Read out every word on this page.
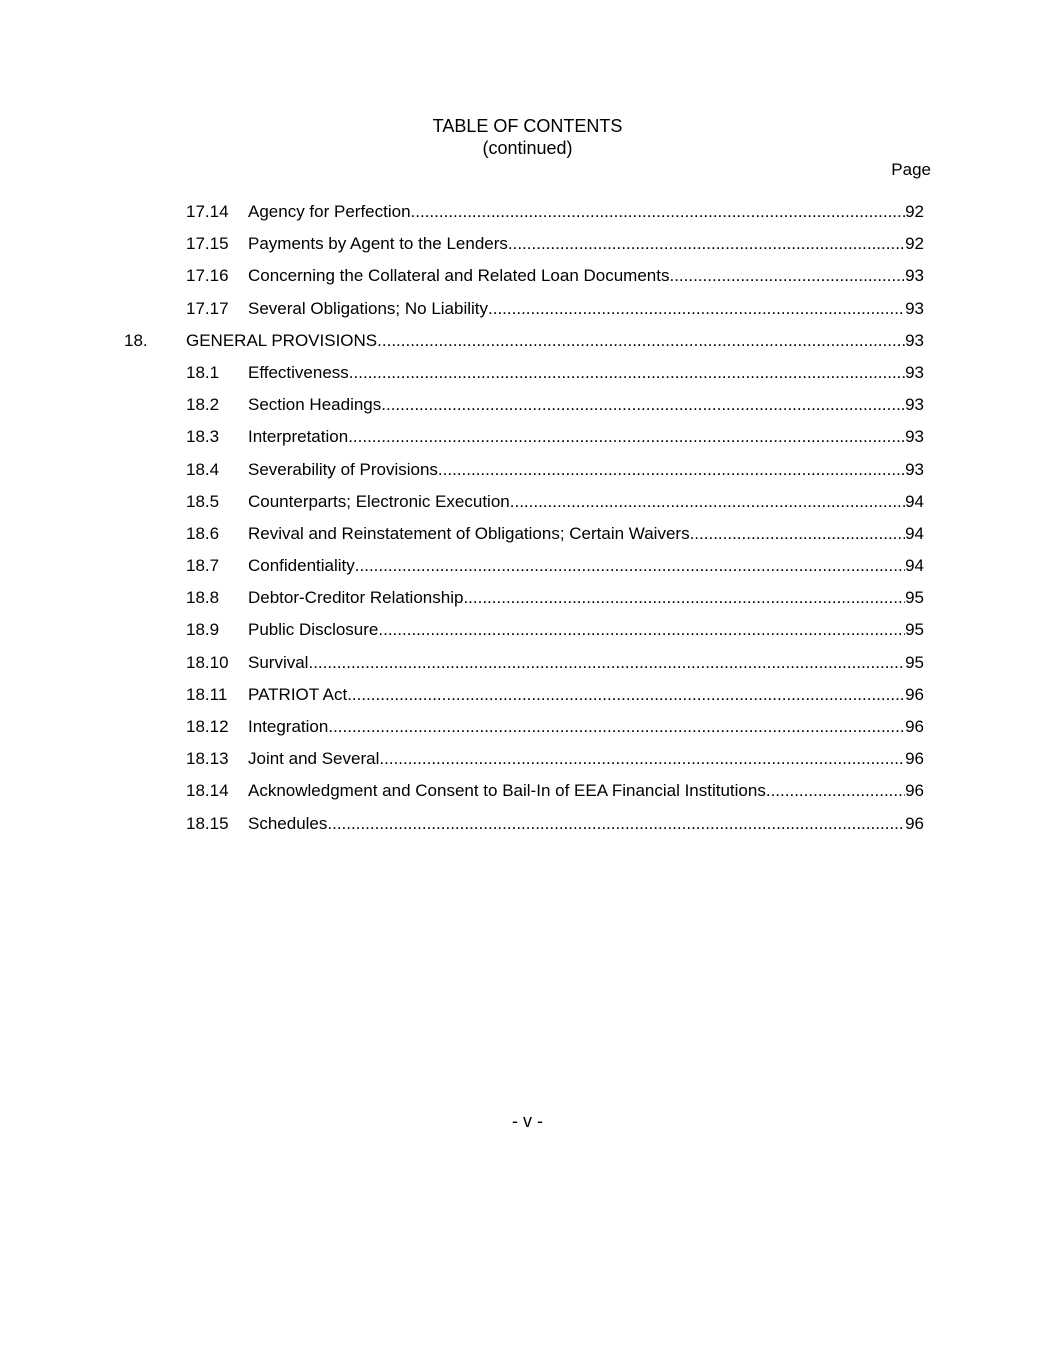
TABLE OF CONTENTS
(continued)
Page
17.14 Agency for Perfection .....	92
17.15 Payments by Agent to the Lenders .....	92
17.16 Concerning the Collateral and Related Loan Documents .....	93
17.17 Several Obligations; No Liability .....	93
18. GENERAL PROVISIONS. .....	93
18.1 Effectiveness .....	93
18.2 Section Headings .....	93
18.3 Interpretation .....	93
18.4 Severability of Provisions .....	93
18.5 Counterparts; Electronic Execution .....	94
18.6 Revival and Reinstatement of Obligations; Certain Waivers .....	94
18.7 Confidentiality .....	94
18.8 Debtor-Creditor Relationship .....	95
18.9 Public Disclosure .....	95
18.10 Survival .....	95
18.11 PATRIOT Act .....	96
18.12 Integration .....	96
18.13 Joint and Several .....	96
18.14 Acknowledgment and Consent to Bail-In of EEA Financial Institutions .....	96
18.15 Schedules .....	96
- v -
